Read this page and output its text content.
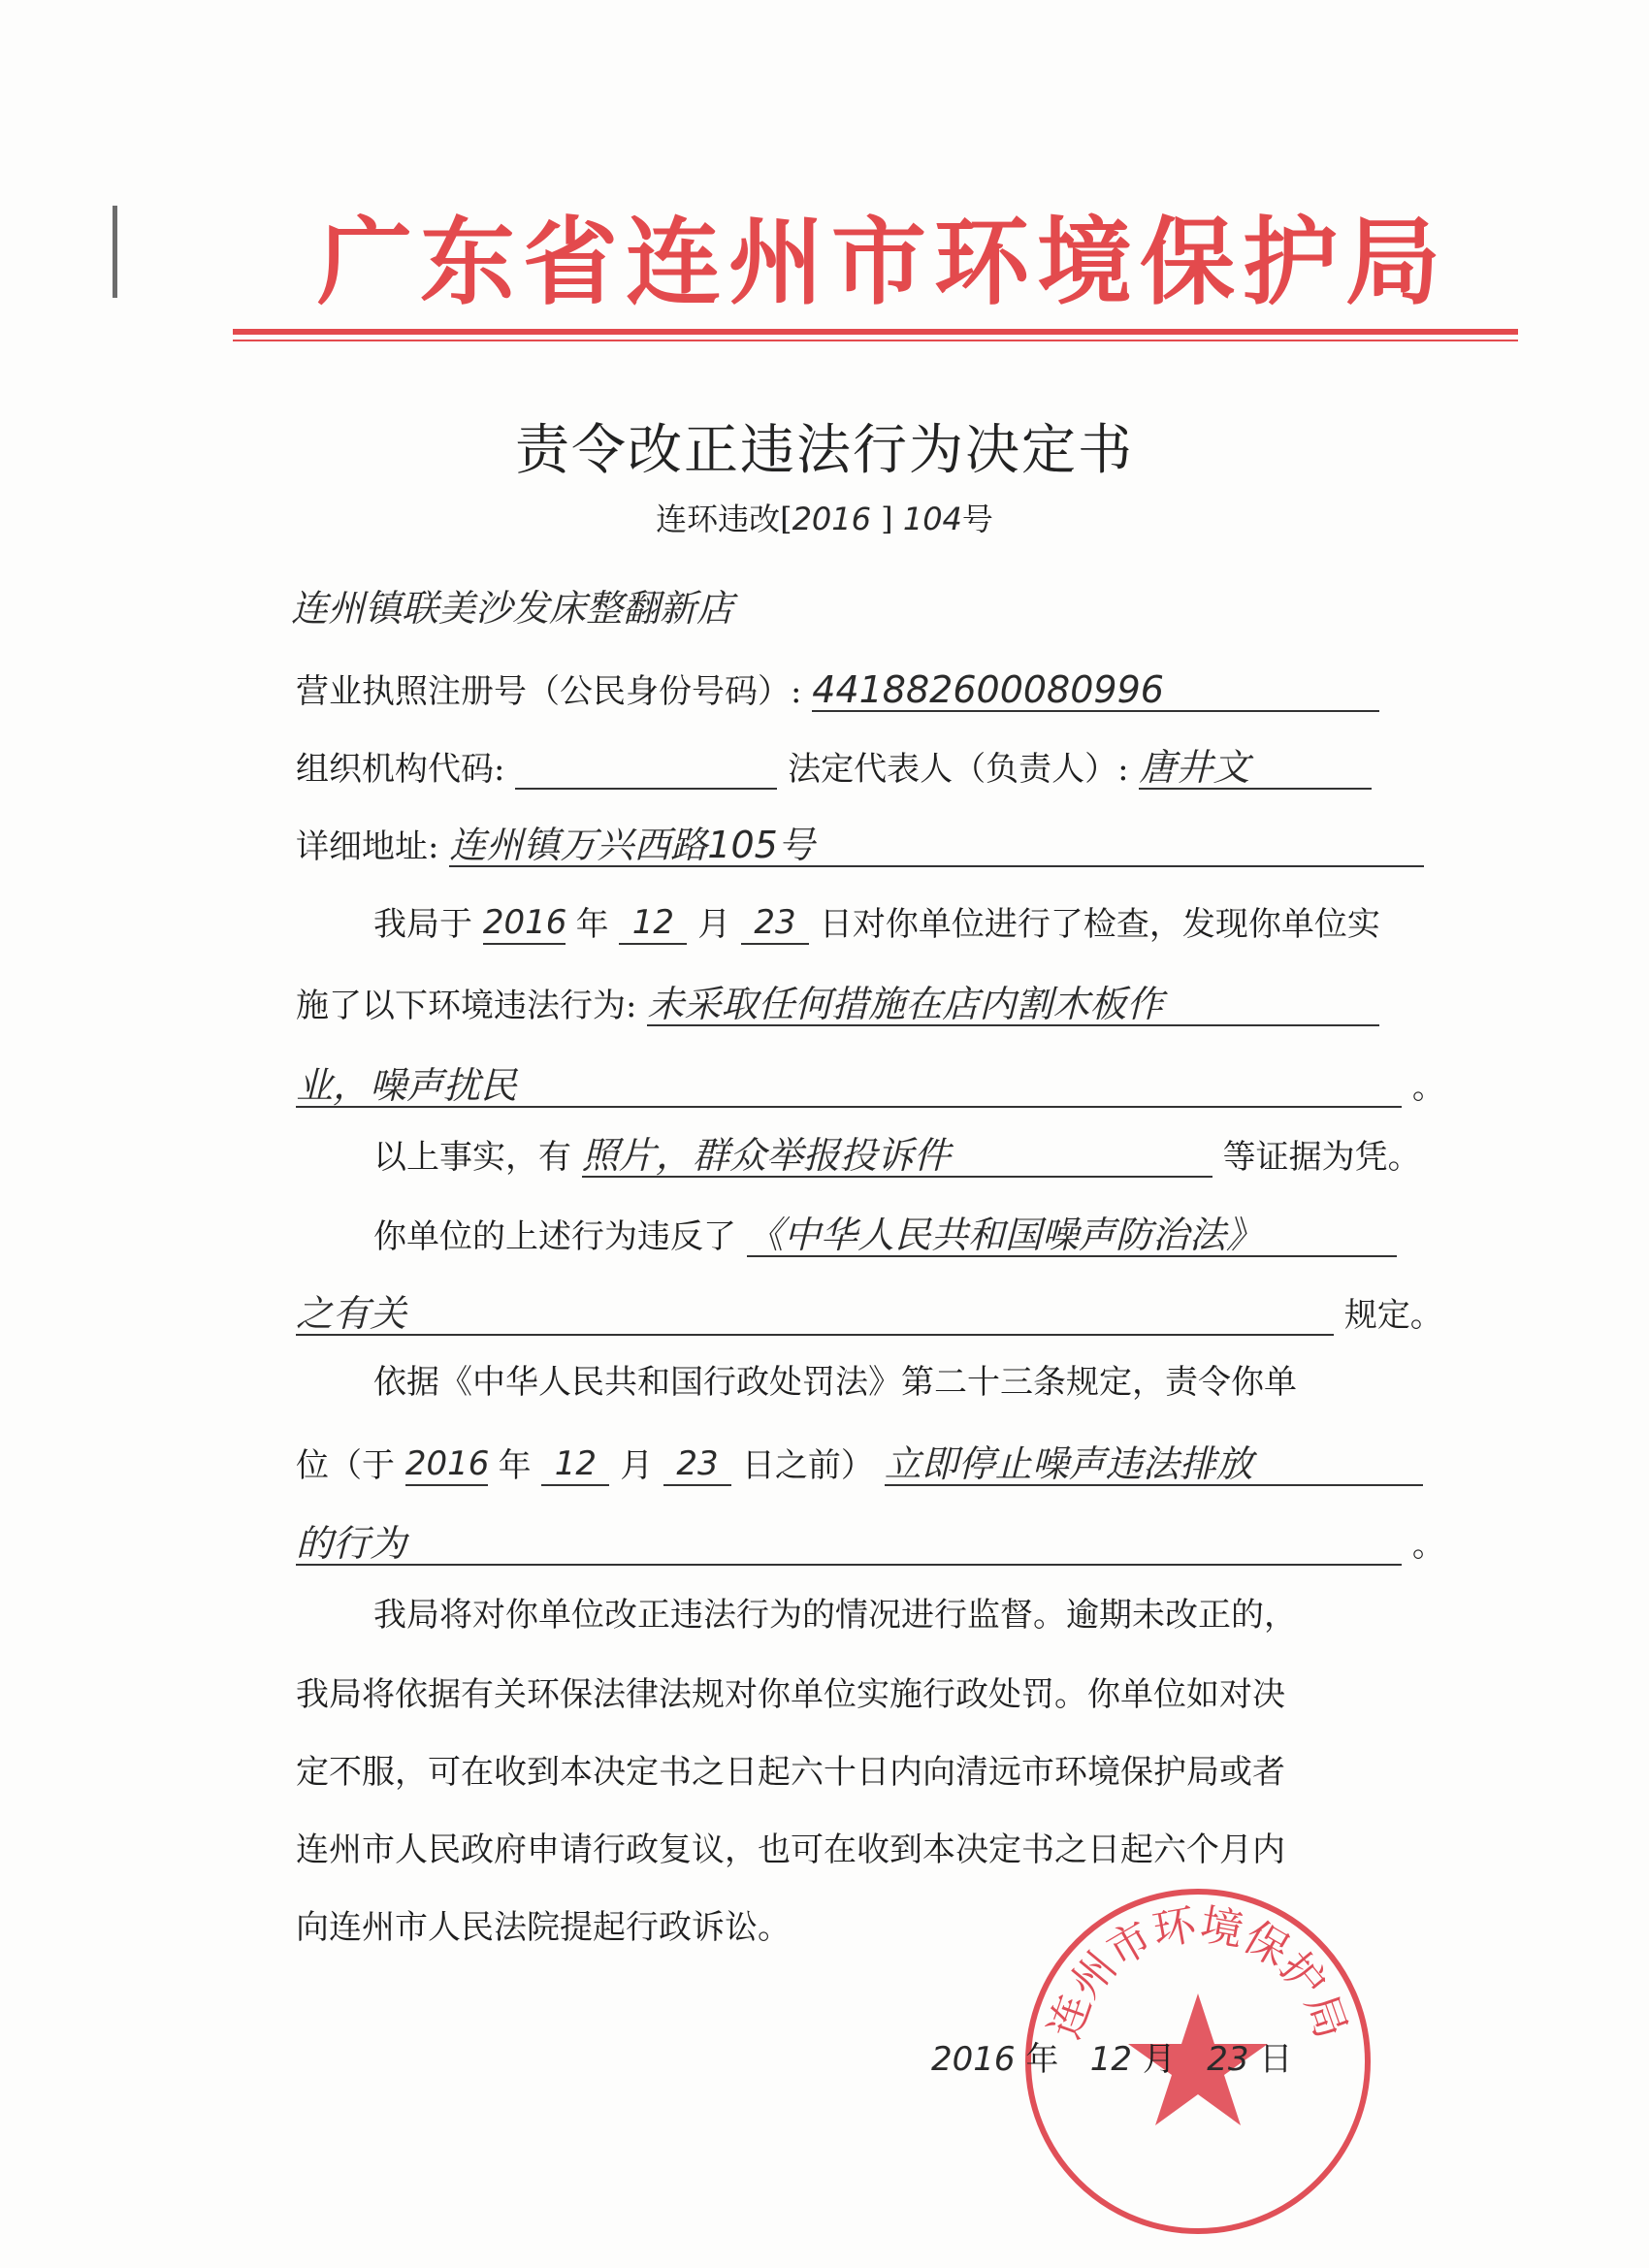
广东省连州市环境保护局
责令改正违法行为决定书
连环违改[2016 ] 104号
连州镇联美沙发床整翻新店
营业执照注册号（公民身份号码）: 441882600080996
组织机构代码:	法定代表人（负责人）: 唐井文
详细地址: 连州镇万兴西路105号
我局于 2016 年 12 月 23 日对你单位进行了检查，发现你单位实
施了以下环境违法行为: 未采取任何措施在店内割木板作
业，噪声扰民	。
以上事实，有 照片，群众举报投诉件	等证据为凭。
你单位的上述行为违反了 《中华人民共和国噪声防治法》
之有关	规定。
依据《中华人民共和国行政处罚法》第二十三条规定，责令你单
位（于 2016 年 12 月 23 日之前） 立即停止噪声违法排放
的行为	。
我局将对你单位改正违法行为的情况进行监督。逾期未改正的，
我局将依据有关环保法律法规对你单位实施行政处罚。你单位如对决
定不服，可在收到本决定书之日起六十日内向清远市环境保护局或者
连州市人民政府申请行政复议，也可在收到本决定书之日起六个月内
向连州市人民法院提起行政诉讼。
连州市环境保护局
2016 年 12 月 23 日
